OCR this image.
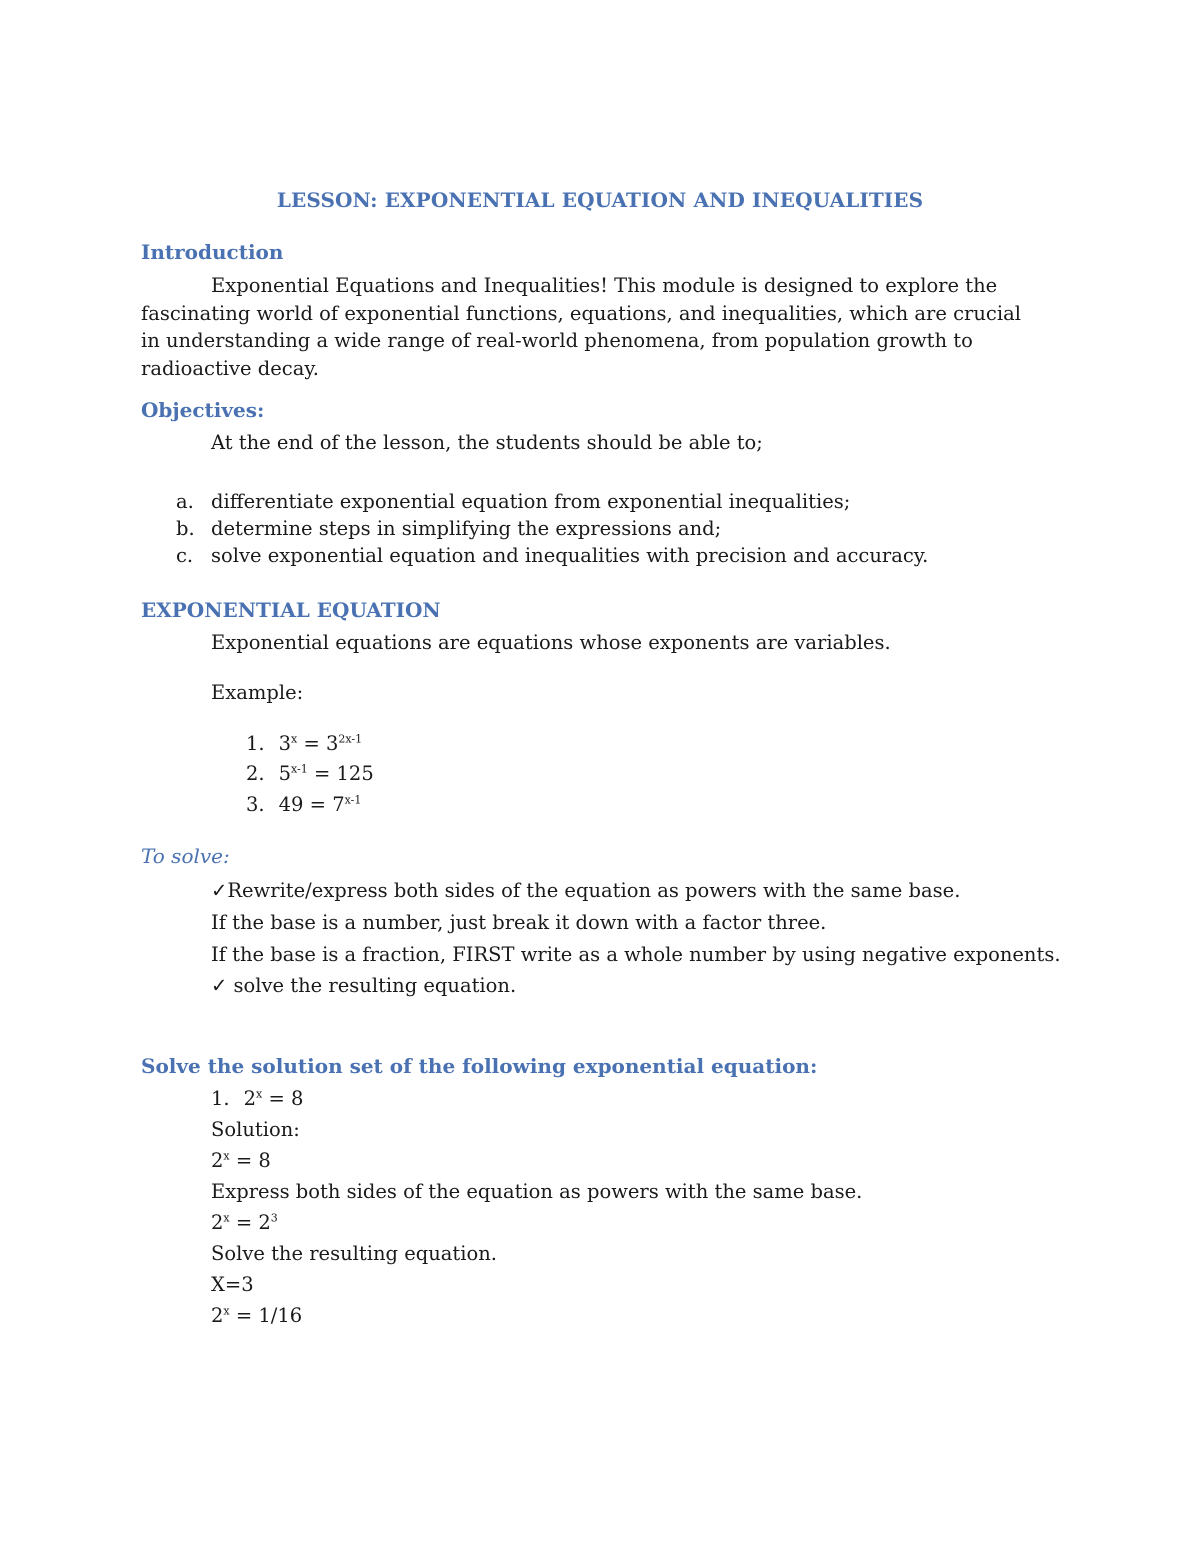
LESSON: EXPONENTIAL EQUATION AND INEQUALITIES
Introduction
Exponential Equations and Inequalities! This module is designed to explore the fascinating world of exponential functions, equations, and inequalities, which are crucial in understanding a wide range of real-world phenomena, from population growth to radioactive decay.
Objectives:
At the end of the lesson, the students should be able to;
a. differentiate exponential equation from exponential inequalities;
b. determine steps in simplifying the expressions and;
c. solve exponential equation and inequalities with precision and accuracy.
EXPONENTIAL EQUATION
Exponential equations are equations whose exponents are variables.
Example:
1. $3^x = 3^{2x-1}$
2. $5^{x-1} = 125$
3. $49 = 7^{x-1}$
To solve:
✓Rewrite/express both sides of the equation as powers with the same base.
If the base is a number, just break it down with a factor three.
If the base is a fraction, FIRST write as a whole number by using negative exponents.
✓ solve the resulting equation.
Solve the solution set of the following exponential equation:
1. $2^x = 8$
Solution:
$2^x = 8$
Express both sides of the equation as powers with the same base.
$2^x = 2^3$
Solve the resulting equation.
X=3
$2^x = 1/16$
